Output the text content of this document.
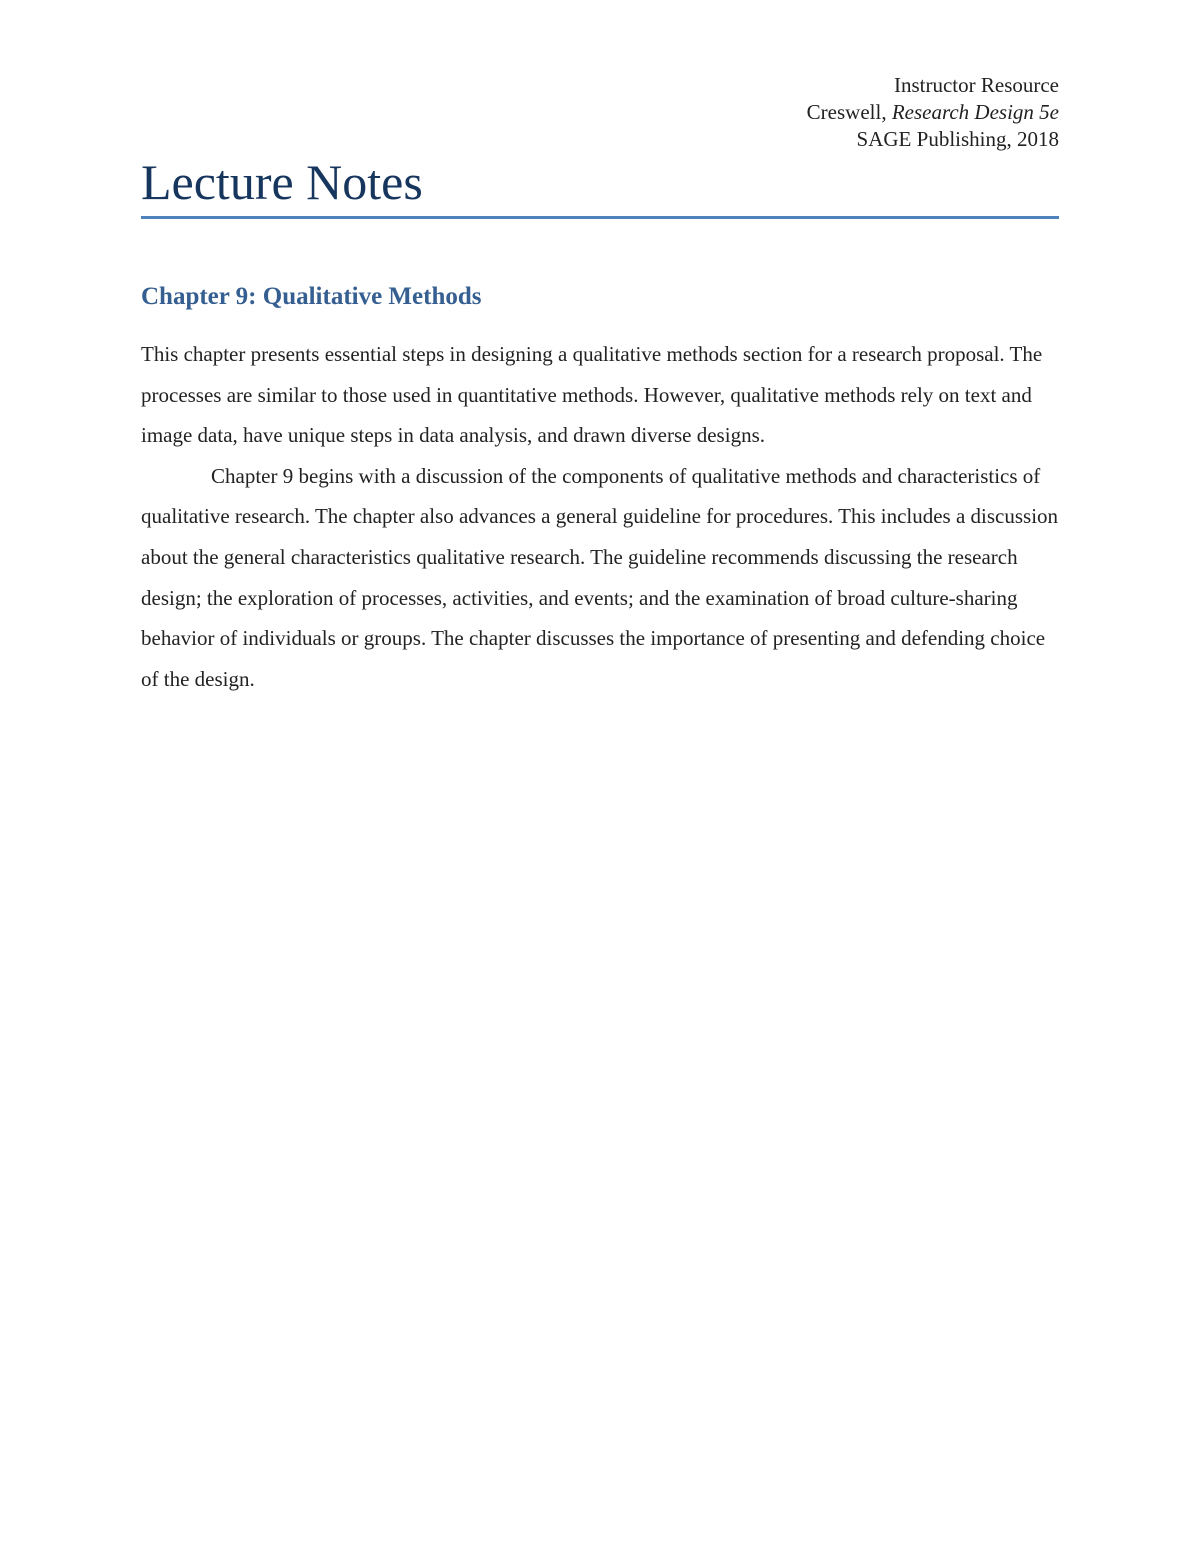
Instructor Resource
Creswell, Research Design 5e
SAGE Publishing, 2018
Lecture Notes
Chapter 9: Qualitative Methods

This chapter presents essential steps in designing a qualitative methods section for a research proposal. The processes are similar to those used in quantitative methods. However, qualitative methods rely on text and image data, have unique steps in data analysis, and drawn diverse designs.

Chapter 9 begins with a discussion of the components of qualitative methods and characteristics of qualitative research. The chapter also advances a general guideline for procedures. This includes a discussion about the general characteristics qualitative research. The guideline recommends discussing the research design; the exploration of processes, activities, and events; and the examination of broad culture-sharing behavior of individuals or groups. The chapter discusses the importance of presenting and defending choice of the design.
